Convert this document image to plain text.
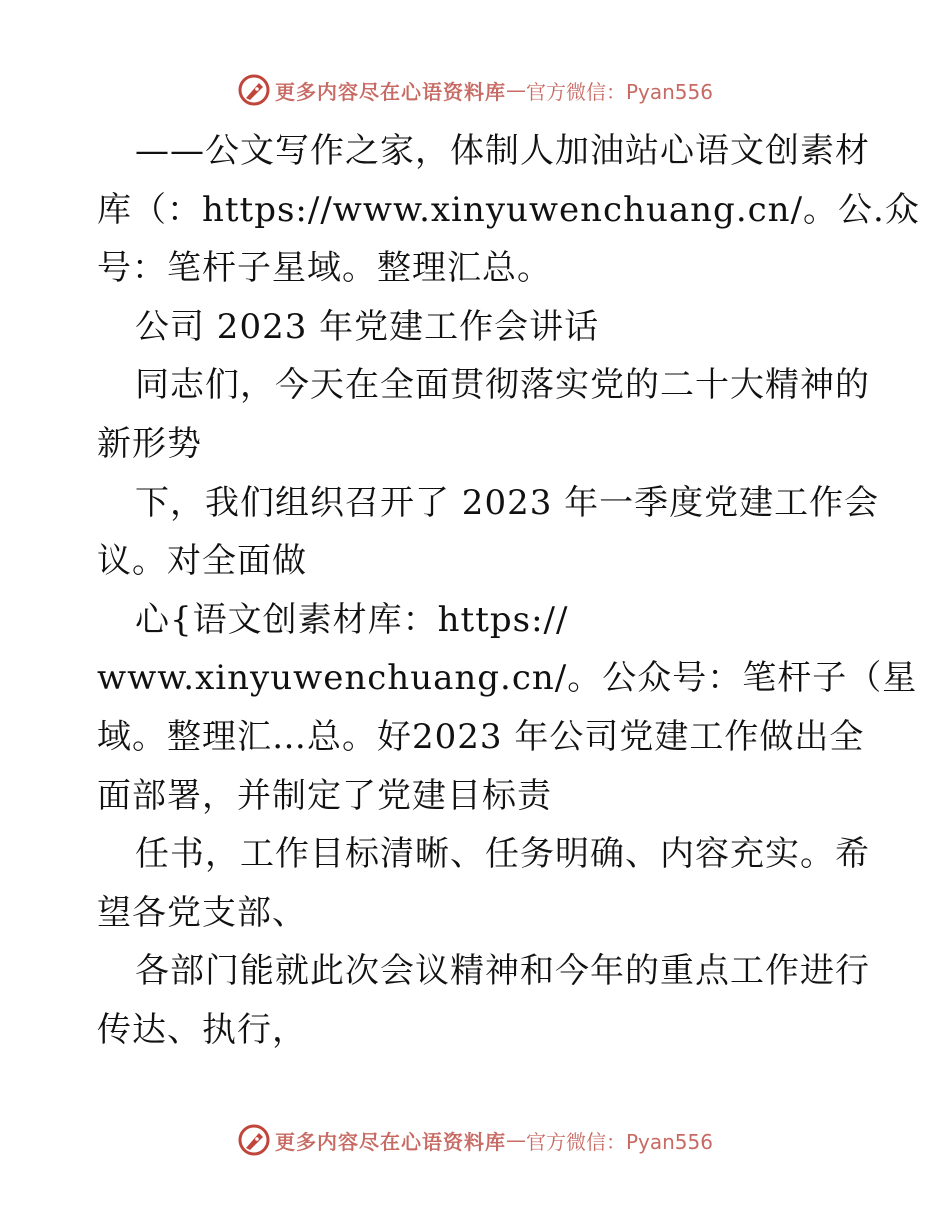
更多内容尽在心语资料库 — 官方微信：Pyan556
——公文写作之家，体制人加油站心语文创素材
库（：https://www.xinyuwenchuang.cn/。公.众
号：笔杆子星域。整理汇总。
公司 2023 年党建工作会讲话
同志们，今天在全面贯彻落实党的二十大精神的
新形势
下，我们组织召开了 2023 年一季度党建工作会
议。对全面做
心{语文创素材库：https://
www.xinyuwenchuang.cn/。公众号：笔杆子（星
域。整理汇…总。好2023 年公司党建工作做出全
面部署，并制定了党建目标责
任书，工作目标清晰、任务明确、内容充实。希
望各党支部、
各部门能就此次会议精神和今年的重点工作进行
传达、执行，
更多内容尽在心语资料库 — 官方微信：Pyan556
